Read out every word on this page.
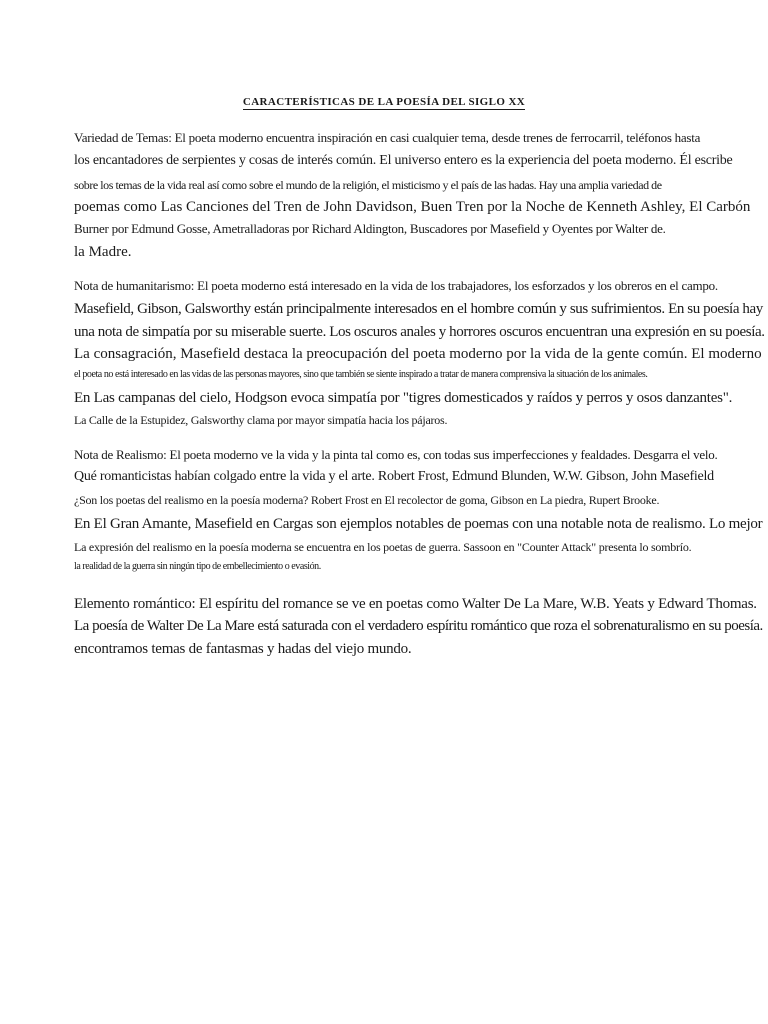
CARACTERÍSTICAS DE LA POESÍA DEL SIGLO XX
Variedad de Temas: El poeta moderno encuentra inspiración en casi cualquier tema, desde trenes de ferrocarril, teléfonos hasta
los encantadores de serpientes y cosas de interés común. El universo entero es la experiencia del poeta moderno. Él escribe
sobre los temas de la vida real así como sobre el mundo de la religión, el misticismo y el país de las hadas. Hay una amplia variedad de
poemas como Las Canciones del Tren de John Davidson, Buen Tren por la Noche de Kenneth Ashley, El Carbón
Burner por Edmund Gosse, Ametralladoras por Richard Aldington, Buscadores por Masefield y Oyentes por Walter de.
la Madre.
Nota de humanitarismo: El poeta moderno está interesado en la vida de los trabajadores, los esforzados y los obreros en el campo.
Masefield, Gibson, Galsworthy están principalmente interesados en el hombre común y sus sufrimientos. En su poesía hay
una nota de simpatía por su miserable suerte. Los oscuros anales y horrores oscuros encuentran una expresión en su poesía.
La consagración, Masefield destaca la preocupación del poeta moderno por la vida de la gente común. El moderno
el poeta no está interesado en las vidas de las personas mayores, sino que también se siente inspirado a tratar de manera comprensiva la situación de los animales.
En Las campanas del cielo, Hodgson evoca simpatía por "tigres domesticados y raídos y perros y osos danzantes".
La Calle de la Estupidez, Galsworthy clama por mayor simpatía hacia los pájaros.
Nota de Realismo: El poeta moderno ve la vida y la pinta tal como es, con todas sus imperfecciones y fealdades. Desgarra el velo.
Qué romanticistas habían colgado entre la vida y el arte. Robert Frost, Edmund Blunden, W.W. Gibson, John Masefield
¿Son los poetas del realismo en la poesía moderna? Robert Frost en El recolector de goma, Gibson en La piedra, Rupert Brooke.
En El Gran Amante, Masefield en Cargas son ejemplos notables de poemas con una notable nota de realismo. Lo mejor
La expresión del realismo en la poesía moderna se encuentra en los poetas de guerra. Sassoon en "Counter Attack" presenta lo sombrío.
la realidad de la guerra sin ningún tipo de embellecimiento o evasión.
Elemento romántico: El espíritu del romance se ve en poetas como Walter De La Mare, W.B. Yeats y Edward Thomas.
La poesía de Walter De La Mare está saturada con el verdadero espíritu romántico que roza el sobrenaturalismo en su poesía.
encontramos temas de fantasmas y hadas del viejo mundo.
